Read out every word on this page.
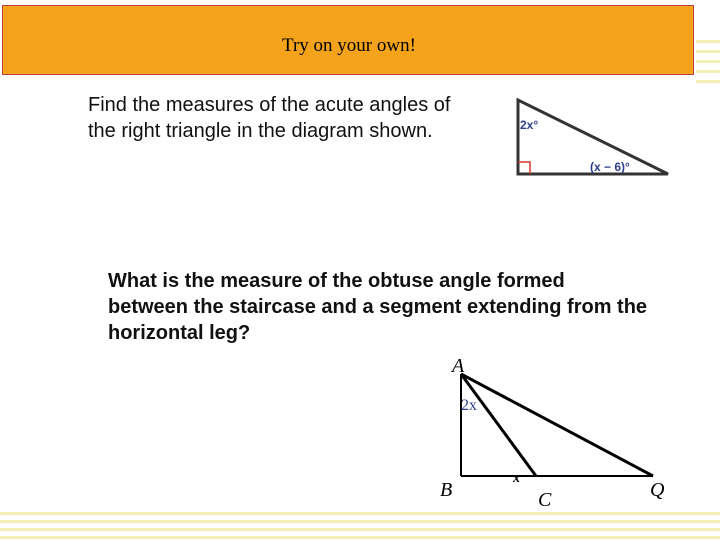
Try on your own!
Find the measures of the acute angles of the right triangle in the diagram shown.	2x°
(x − 6)°
What is the measure of the obtuse angle formed between the staircase and a segment extending from the horizontal leg?
A
2x
B
x
C	Q
